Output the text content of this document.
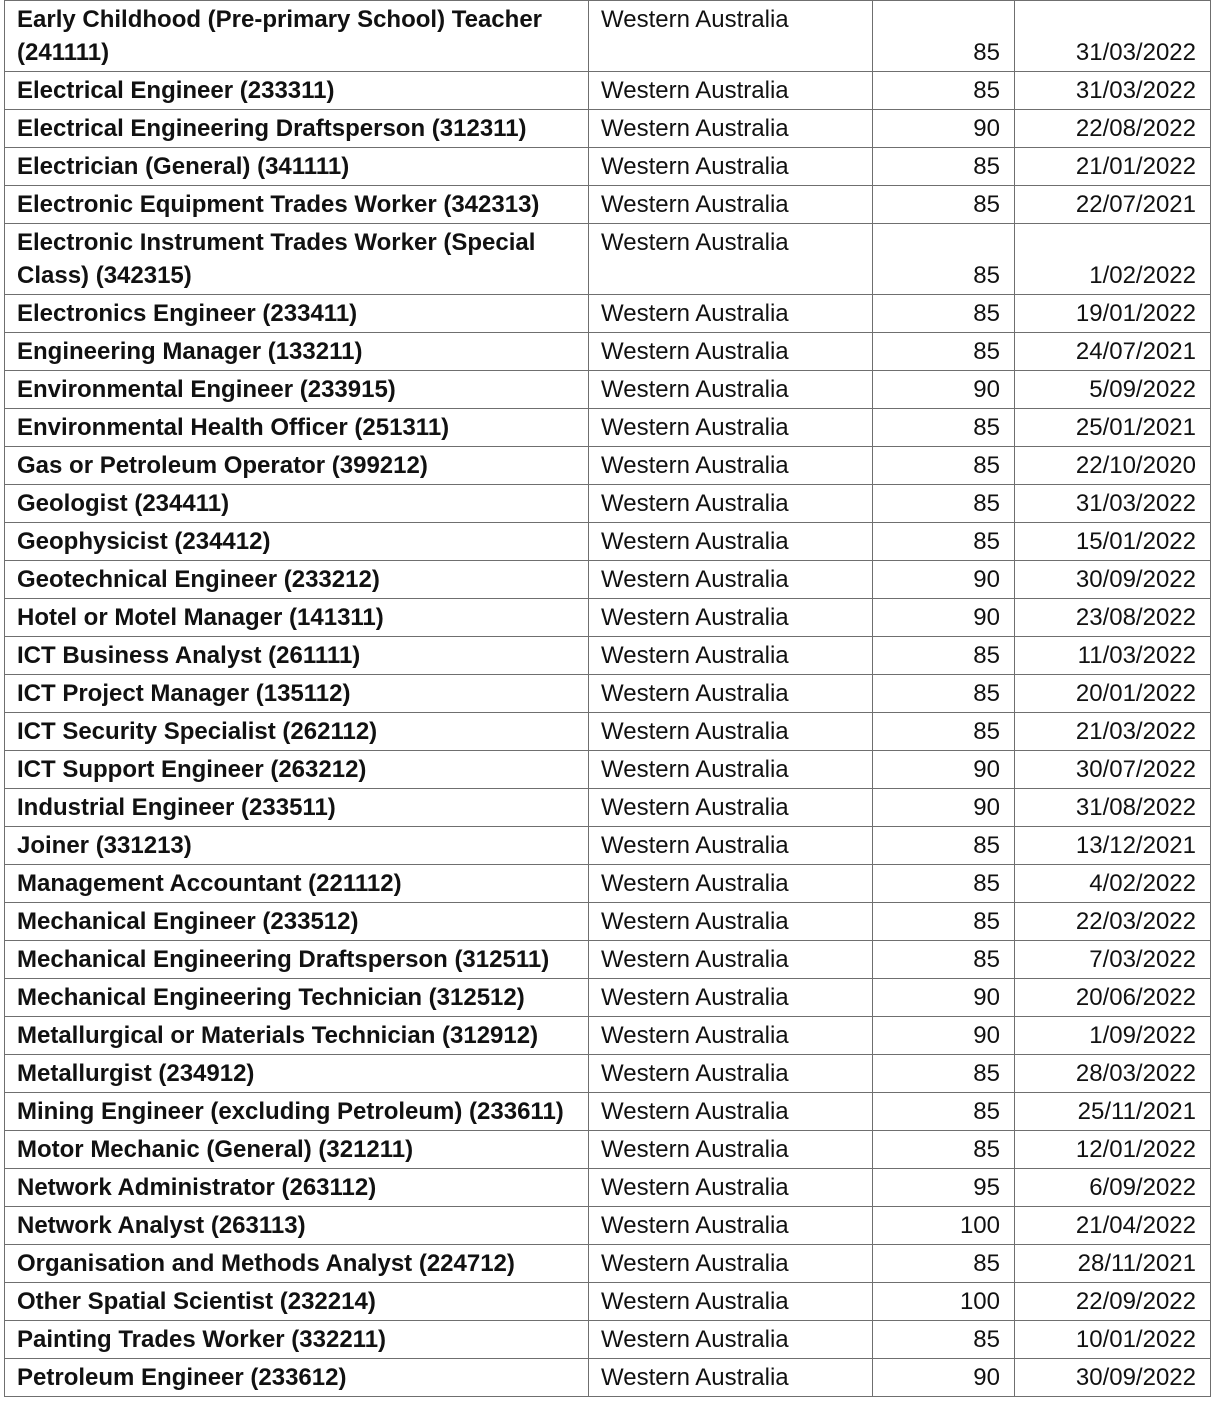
Early Childhood (Pre-primary School) Teacher (241111)	Western Australia	85	31/03/2022
Electrical Engineer (233311)	Western Australia	85	31/03/2022
Electrical Engineering Draftsperson (312311)	Western Australia	90	22/08/2022
Electrician (General) (341111)	Western Australia	85	21/01/2022
Electronic Equipment Trades Worker (342313)	Western Australia	85	22/07/2021
Electronic Instrument Trades Worker (Special Class) (342315)	Western Australia	85	1/02/2022
Electronics Engineer (233411)	Western Australia	85	19/01/2022
Engineering Manager (133211)	Western Australia	85	24/07/2021
Environmental Engineer (233915)	Western Australia	90	5/09/2022
Environmental Health Officer (251311)	Western Australia	85	25/01/2021
Gas or Petroleum Operator (399212)	Western Australia	85	22/10/2020
Geologist (234411)	Western Australia	85	31/03/2022
Geophysicist (234412)	Western Australia	85	15/01/2022
Geotechnical Engineer (233212)	Western Australia	90	30/09/2022
Hotel or Motel Manager (141311)	Western Australia	90	23/08/2022
ICT Business Analyst (261111)	Western Australia	85	11/03/2022
ICT Project Manager (135112)	Western Australia	85	20/01/2022
ICT Security Specialist (262112)	Western Australia	85	21/03/2022
ICT Support Engineer (263212)	Western Australia	90	30/07/2022
Industrial Engineer (233511)	Western Australia	90	31/08/2022
Joiner (331213)	Western Australia	85	13/12/2021
Management Accountant (221112)	Western Australia	85	4/02/2022
Mechanical Engineer (233512)	Western Australia	85	22/03/2022
Mechanical Engineering Draftsperson (312511)	Western Australia	85	7/03/2022
Mechanical Engineering Technician (312512)	Western Australia	90	20/06/2022
Metallurgical or Materials Technician (312912)	Western Australia	90	1/09/2022
Metallurgist (234912)	Western Australia	85	28/03/2022
Mining Engineer (excluding Petroleum) (233611)	Western Australia	85	25/11/2021
Motor Mechanic (General) (321211)	Western Australia	85	12/01/2022
Network Administrator (263112)	Western Australia	95	6/09/2022
Network Analyst (263113)	Western Australia	100	21/04/2022
Organisation and Methods Analyst (224712)	Western Australia	85	28/11/2021
Other Spatial Scientist (232214)	Western Australia	100	22/09/2022
Painting Trades Worker (332211)	Western Australia	85	10/01/2022
Petroleum Engineer (233612)	Western Australia	90	30/09/2022
